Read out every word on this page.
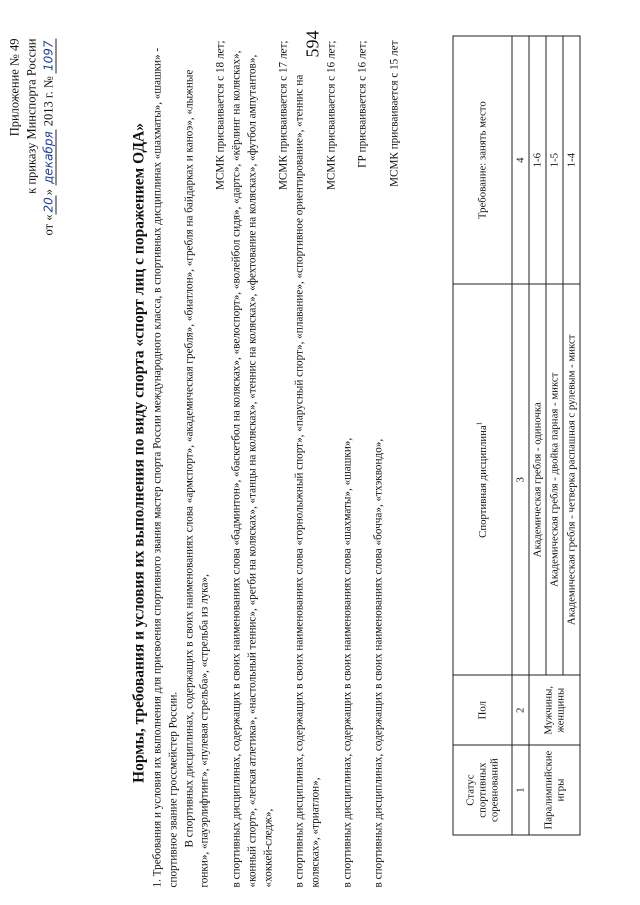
594
Приложение № 49 к приказу Минспорта России
от «20» декабря 2013 г. № 1097
Нормы, требования и условия их выполнения по виду спорта «спорт лиц с поражением ОДА» 1. Требования и условия их выполнения для присвоения спортивного звания мастер спорта России международного класса, в спортивных дисциплинах «шахматы», «шашки» - спортивное звание гроссмейстер России. В спортивных дисциплинах, содержащих в своих наименованиях слова «армспорт», «академическая гребля», «биатлон», «гребля на байдарках и каноэ», «лыжные гонки», «пауэрлифтинг», «пулевая стрельба», «стрельба из лука»,

МСМК присваивается с 18 лет; в спортивных дисциплинах, содержащих в своих наименованиях слова «бадминтон», «баскетбол на колясках», «велоспорт», «волейбол сидя», «дартс», «кёрлинг на колясках», «конный спорт», «легкая атлетика», «настольный теннис», «регби на колясках», «танцы на колясках», «теннис на колясках», «фехтование на колясках», «футбол ампутантов», «хоккей-следж»,

МСМК присваивается с 17 лет; в спортивных дисциплинах, содержащих в своих наименованиях слова «горнолыжный спорт», «парусный спорт», «плавание», «спортивное ориентирование», «теннис на колясках», «триатлон»,

МСМК присваивается с 16 лет;

в спортивных дисциплинах, содержащих в своих наименованиях слова «шахматы», «шашки»,

ГР присваивается с 16 лет;

в спортивных дисциплинах, содержащих в своих наименованиях слова «бочча», «тхэквондо»,

МСМК присваивается с 15 лет

Статус спортивных соревнований	Пол	Спортивная дисциплина$^1$	Требование: занять место
1	2	3	4
Паралимпийские игры	Мужчины, женщины	Академическая гребля - одиночка	1-6
		Академическая гребля - двойка парная - микст	1-5
		Академическая гребля - четверка распашная с рулевым - микст	1-4
